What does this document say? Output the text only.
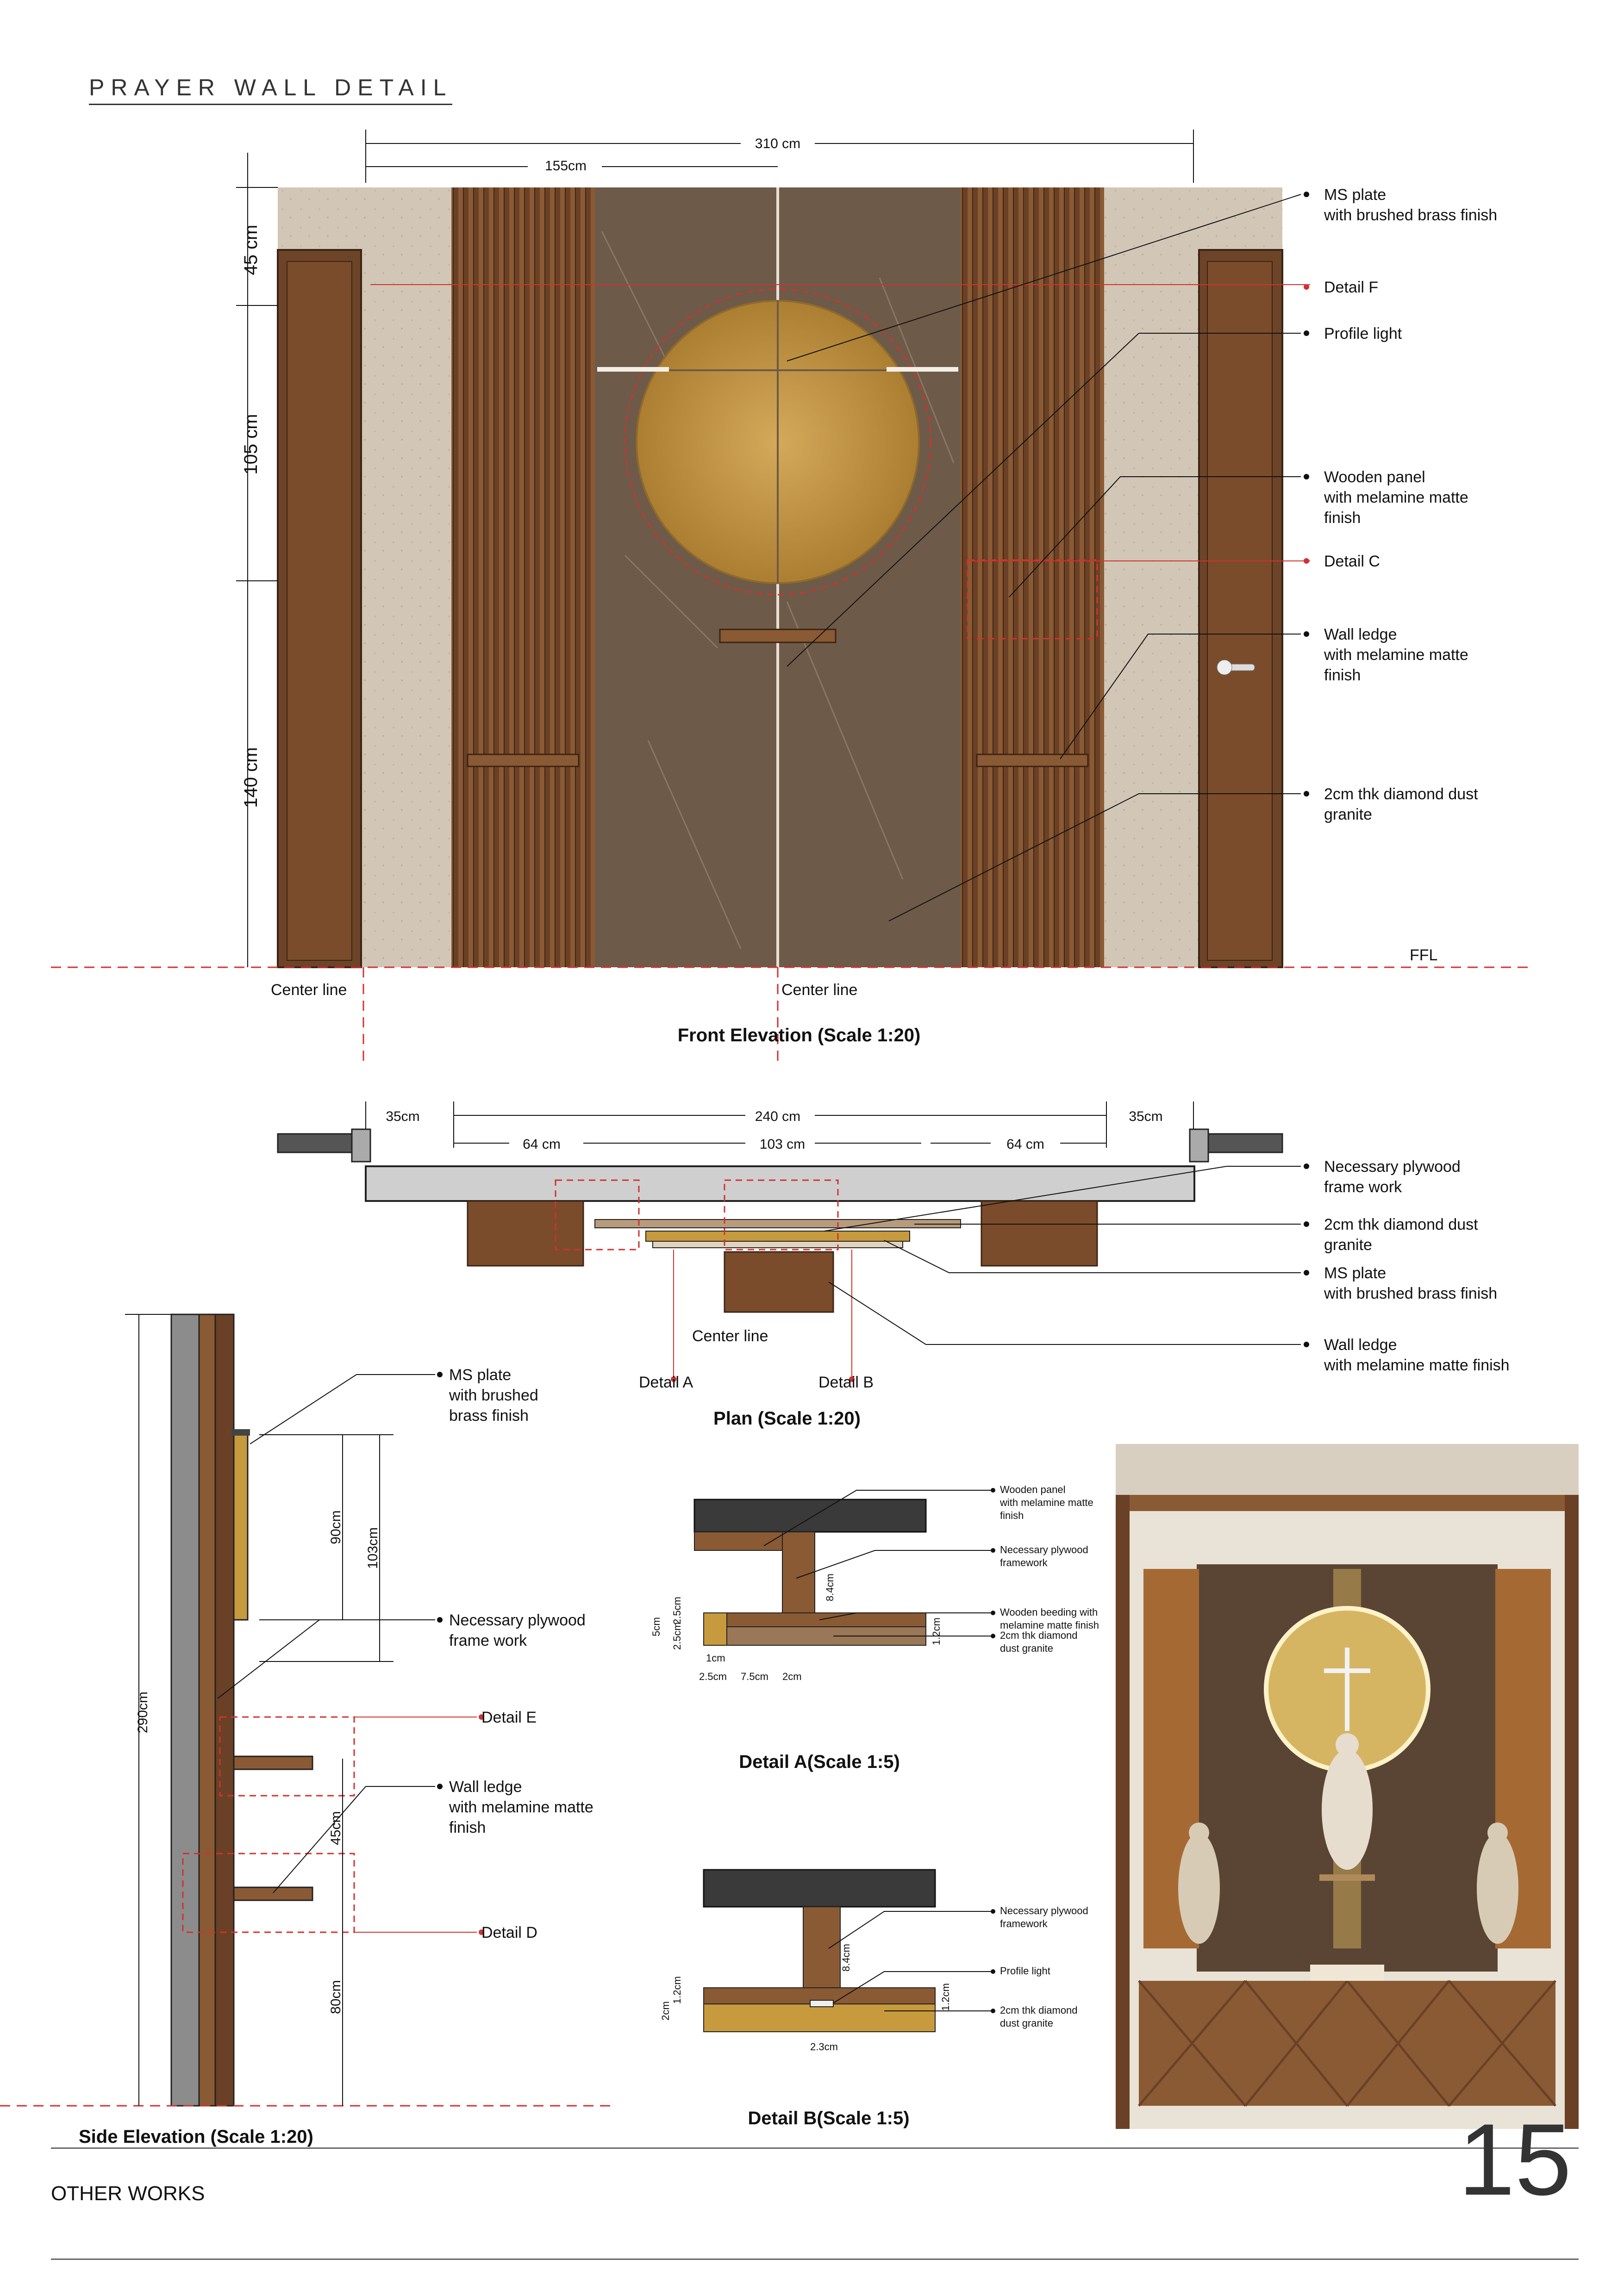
PRAYER WALL DETAIL
310 cm
155cm
45 cm
105 cm
140 cm
MS plate
with brushed brass finish
Detail F
Profile light
Wooden panel
with melamine matte
finish
Detail C
Wall ledge
with melamine matte
finish
2cm thk diamond dust
granite
FFL
Center line	Center line
Front Elevation (Scale 1:20)
35cm	240 cm	35cm
64 cm	103 cm	64 cm
Necessary plywood
frame work
2cm thk diamond dust
granite
MS plate
with brushed brass finish
Wall ledge
with melamine matte finish
Center line
Detail A	Detail B
Plan (Scale 1:20)
290cm
90cm 103cm
45cm
80cm
MS plate
with brushed
brass finish
Necessary plywood
frame work
Detail E
Wall ledge
with melamine matte
finish
Detail D
Side Elevation (Scale 1:20)
8.4cm
2.5cm
2.5cm
5cm	1.2cm
1cm
2.5cm 7.5cm 2cm
Wooden panel
with melamine matte
finish
Necessary plywood
framework
Wooden beeding with
melamine matte finish
2cm thk diamond
dust granite
Detail A(Scale 1:5)
8.4cm
1.2cm
2cm
1.2cm
2.3cm
Necessary plywood
framework
Profile light
2cm thk diamond
dust granite
Detail B(Scale 1:5)	15
OTHER WORKS
